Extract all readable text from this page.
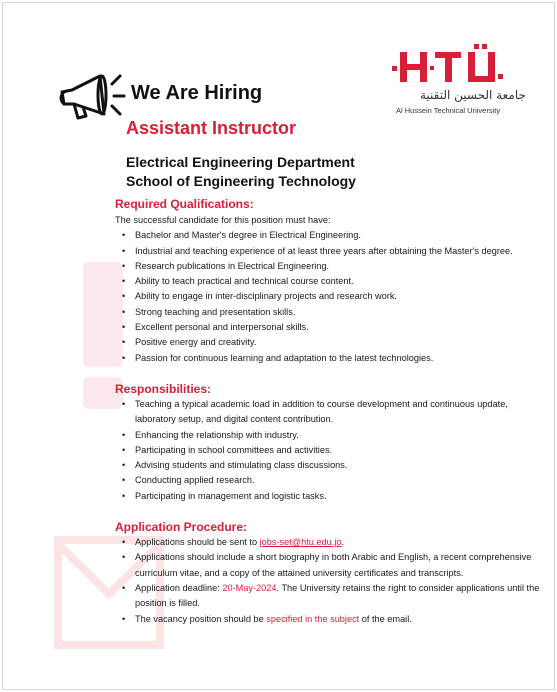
We Are Hiring
Assistant Instructor
جامعة الحسين التقنية
Al Hussein Technical University
Electrical Engineering Department
School of Engineering Technology
Required Qualifications:
The successful candidate for this position must have:
• Bachelor and Master's degree in Electrical Engineering.
• Industrial and teaching experience of at least three years after obtaining the Master's degree.
• Research publications in Electrical Engineering.
• Ability to teach practical and technical course content.
• Ability to engage in inter-disciplinary projects and research work.
• Strong teaching and presentation skills.
• Excellent personal and interpersonal skills.
• Positive energy and creativity.
• Passion for continuous learning and adaptation to the latest technologies.
Responsibilities:
• Teaching a typical academic load in addition to course development and continuous update, laboratory setup, and digital content contribution.
• Enhancing the relationship with industry.
• Participating in school committees and activities.
• Advising students and stimulating class discussions.
• Conducting applied research.
• Participating in management and logistic tasks.
Application Procedure:
• Applications should be sent to jobs-set@htu.edu.jo.
• Applications should include a short biography in both Arabic and English, a recent comprehensive curriculum vitae, and a copy of the attained university certificates and transcripts.
• Application deadline: 20-May-2024. The University retains the right to consider applications until the position is filled.
• The vacancy position should be specified in the subject of the email.
